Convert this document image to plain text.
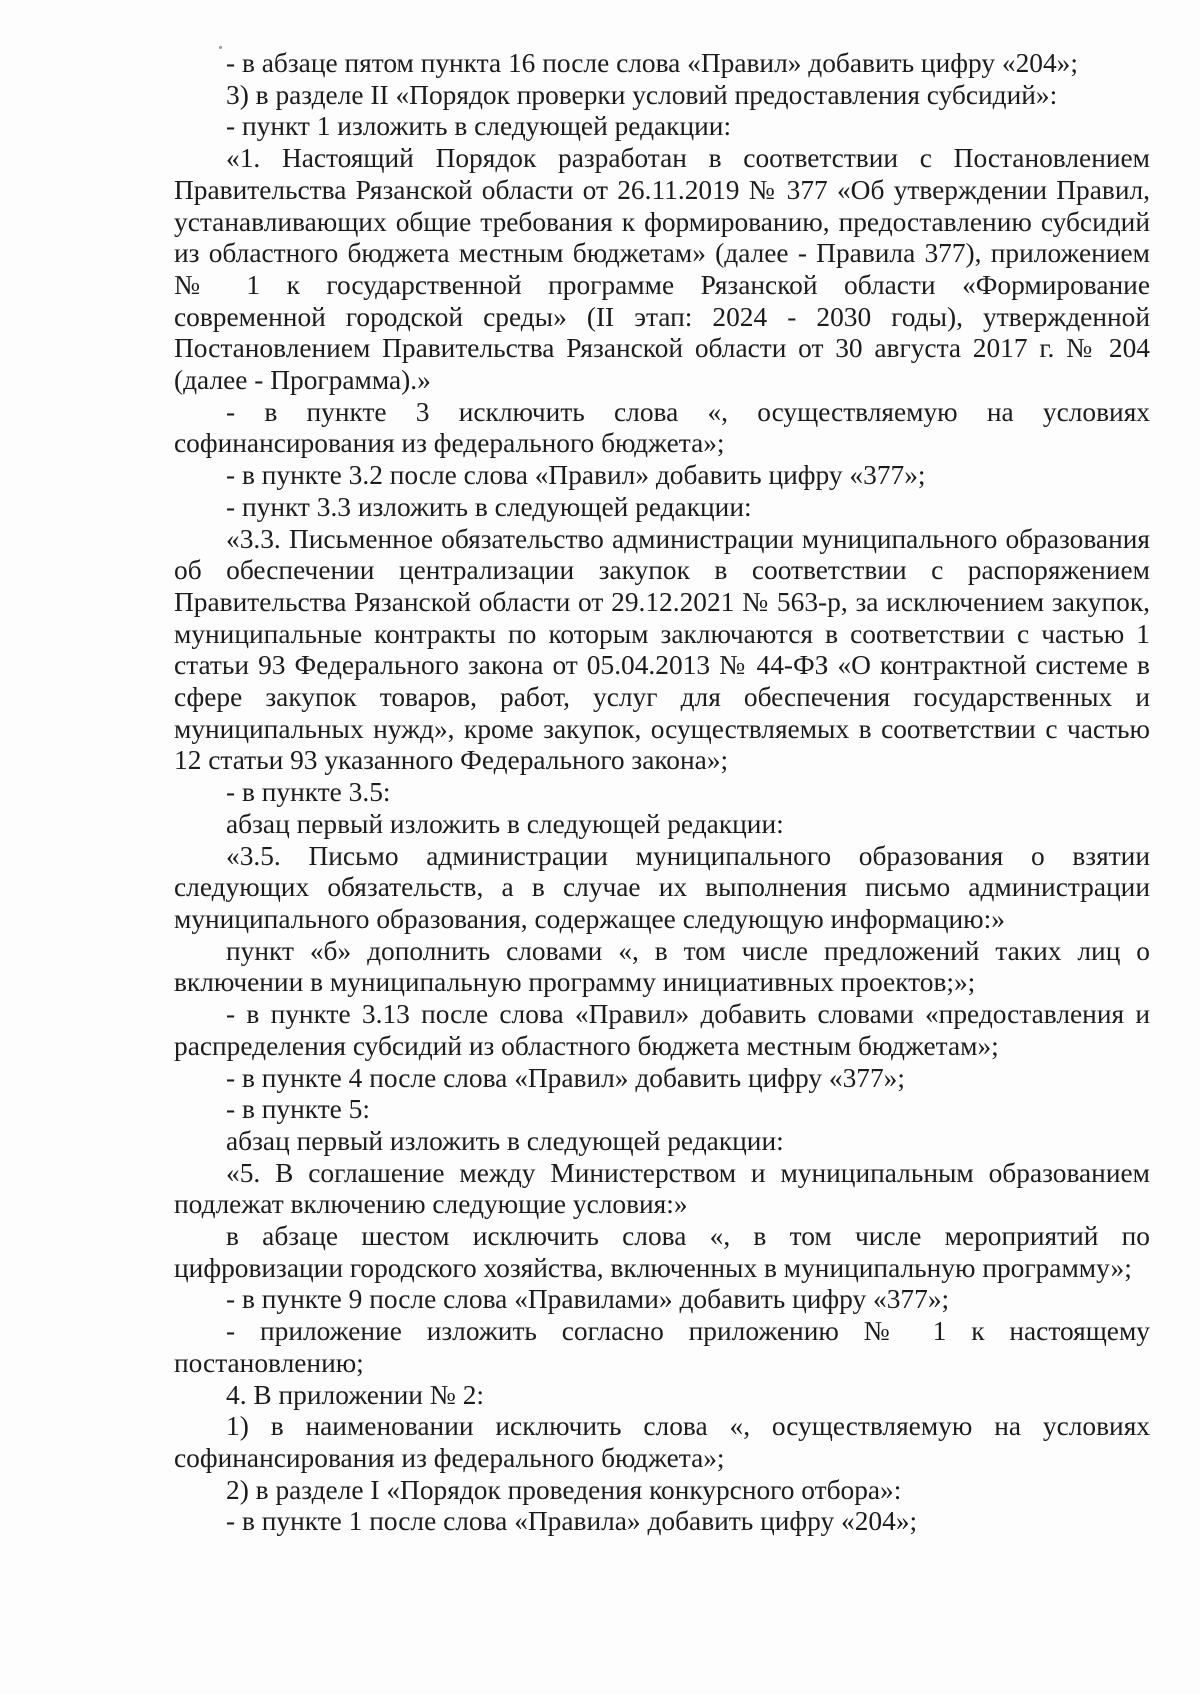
- в абзаце пятом пункта 16 после слова «Правил» добавить цифру «204»;

3) в разделе II «Порядок проверки условий предоставления субсидий»:

- пункт 1 изложить в следующей редакции:

«1. Настоящий Порядок разработан в соответствии с Постановлением Правительства Рязанской области от 26.11.2019 № 377 «Об утверждении Правил, устанавливающих общие требования к формированию, предоставлению субсидий из областного бюджета местным бюджетам» (далее - Правила 377), приложением № 1 к государственной программе Рязанской области «Формирование современной городской среды» (II этап: 2024 - 2030 годы), утвержденной Постановлением Правительства Рязанской области от 30 августа 2017 г. № 204 (далее - Программа).»

- в пункте 3 исключить слова «, осуществляемую на условиях софинансирования из федерального бюджета»;

- в пункте 3.2 после слова «Правил» добавить цифру «377»;

- пункт 3.3 изложить в следующей редакции:

«3.3. Письменное обязательство администрации муниципального образования об обеспечении централизации закупок в соответствии с распоряжением Правительства Рязанской области от 29.12.2021 № 563-р, за исключением закупок, муниципальные контракты по которым заключаются в соответствии с частью 1 статьи 93 Федерального закона от 05.04.2013 № 44-ФЗ «О контрактной системе в сфере закупок товаров, работ, услуг для обеспечения государственных и муниципальных нужд», кроме закупок, осуществляемых в соответствии с частью 12 статьи 93 указанного Федерального закона»;

- в пункте 3.5:

абзац первый изложить в следующей редакции:

«3.5. Письмо администрации муниципального образования о взятии следующих обязательств, а в случае их выполнения письмо администрации муниципального образования, содержащее следующую информацию:»

пункт «б» дополнить словами «, в том числе предложений таких лиц о включении в муниципальную программу инициативных проектов;»;

- в пункте 3.13 после слова «Правил» добавить словами «предоставления и распределения субсидий из областного бюджета местным бюджетам»;

- в пункте 4 после слова «Правил» добавить цифру «377»;

- в пункте 5:

абзац первый изложить в следующей редакции:

«5. В соглашение между Министерством и муниципальным образованием подлежат включению следующие условия:»

в абзаце шестом исключить слова «, в том числе мероприятий по цифровизации городского хозяйства, включенных в муниципальную программу»;

- в пункте 9 после слова «Правилами» добавить цифру «377»;

- приложение изложить согласно приложению № 1 к настоящему постановлению;

4. В приложении № 2:

1) в наименовании исключить слова «, осуществляемую на условиях софинансирования из федерального бюджета»;

2) в разделе I «Порядок проведения конкурсного отбора»:

- в пункте 1 после слова «Правила» добавить цифру «204»;
